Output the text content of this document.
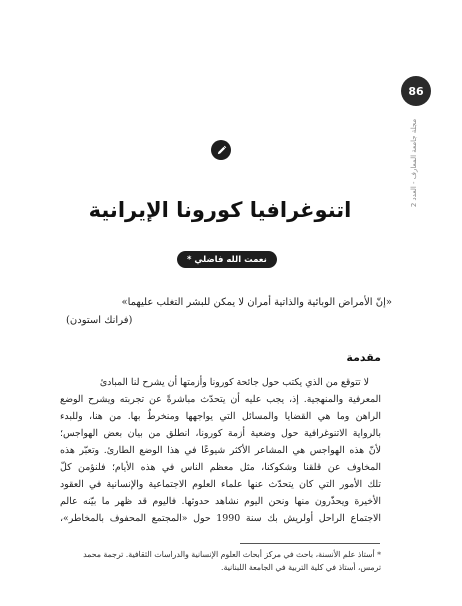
86
مجلة جامعة المعارف - العدد 2
اتنوغرافيا كورونا الإيرانية
نعمت الله فاضلي *
«إنّ الأمراض الوبائية والذاتية أمران لا يمكن للبشر التغلب عليهما»
(فرانك استودن)
مقدمة
لا تتوقع من الذي يكتب حول جائحة كورونا وأزمتها أن يشرح لنا المبادئ
المعرفية والمنهجية. إذ، يجب عليه أن يتحدّث مباشرةً عن تجربته ويشرح الوضع
الراهن وما هي القضايا والمسائل التي يواجهها ومنخرطٌ بها. من هنا، وللبدء
بالرواية الاتنوغرافية حول وضعية أزمة كورونا، انطلق من بيان بعض الهواجس؛
لأنّ هذه الهواجس هي المشاعر الأكثر شيوعًا في هذا الوضع الطارئ. وتعبّر هذه
المخاوف عن قلقنا وشكوكنا، مثل معظم الناس في هذه الأيام؛ فلنؤمن كلّ
تلك الأمور التي كان يتحدّث عنها علماء العلوم الاجتماعية والإنسانية في العقود
الأخيرة ويحذّرون منها ونحن اليوم نشاهد حدوثها. فاليوم قد ظهر ما بيّنه عالم
الاجتماع الراحل أولريش بك سنة 1990 حول «المجتمع المحفوف بالمخاطر»،
* أستاذ علم الأنسنة، باحث في مركز أبحاث العلوم الإنسانية والدراسات الثقافية. ترجمة محمد
ترمس، أستاذ في كلية التربية في الجامعة اللبنانية.
